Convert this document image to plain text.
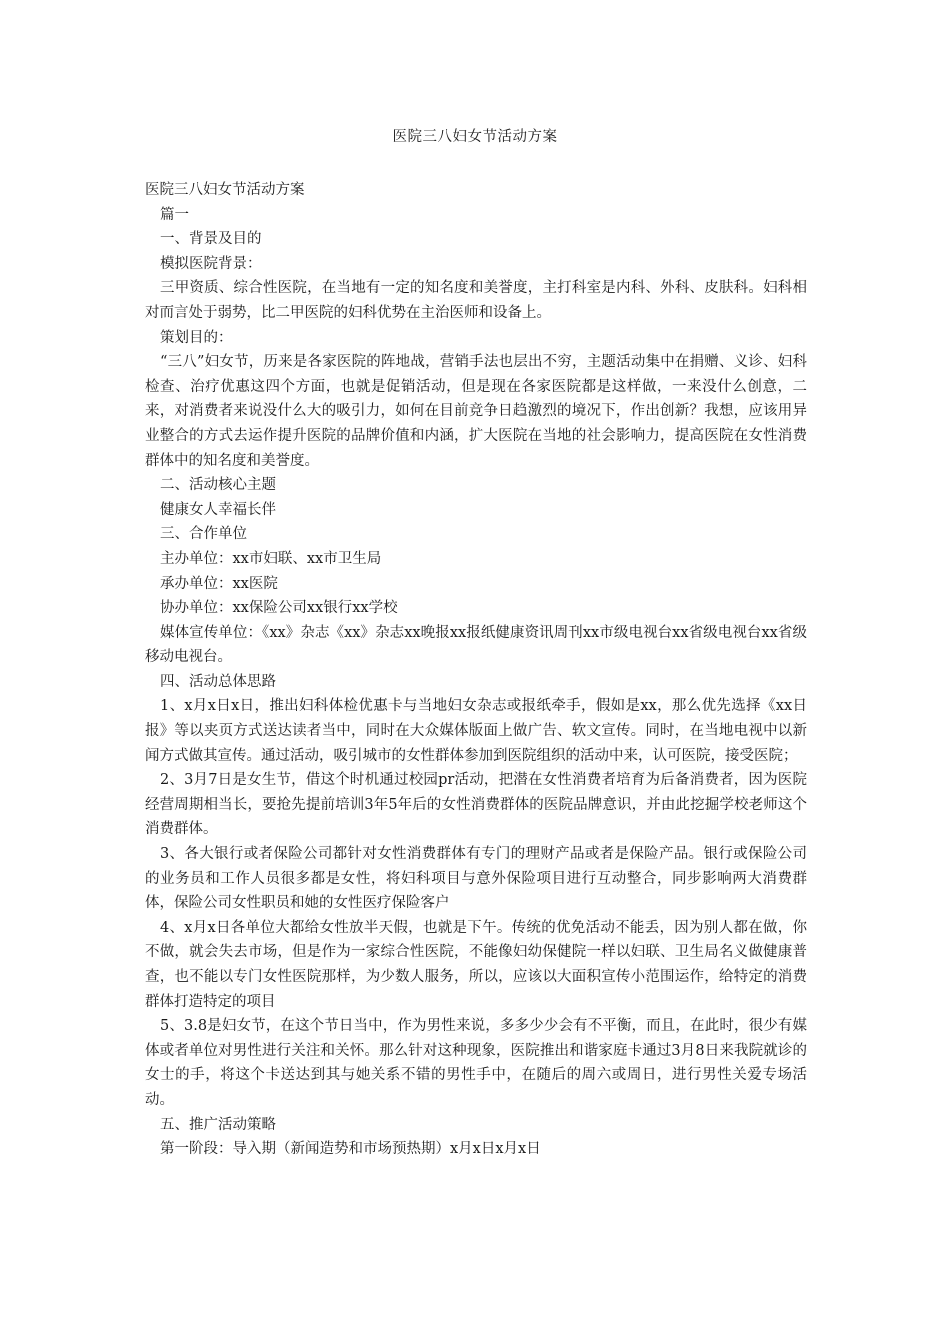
医院三八妇女节活动方案

医院三八妇女节活动方案

篇一

一、背景及目的

模拟医院背景：

三甲资质、综合性医院，在当地有一定的知名度和美誉度，主打科室是内科、外科、皮肤科。妇科相对而言处于弱势，比二甲医院的妇科优势在主治医师和设备上。

策划目的：

“三八”妇女节，历来是各家医院的阵地战，营销手法也层出不穷，主题活动集中在捐赠、义诊、妇科检查、治疗优惠这四个方面，也就是促销活动，但是现在各家医院都是这样做，一来没什么创意，二来，对消费者来说没什么大的吸引力，如何在目前竞争日趋激烈的境况下，作出创新？我想，应该用异业整合的方式去运作提升医院的品牌价值和内涵，扩大医院在当地的社会影响力，提高医院在女性消费群体中的知名度和美誉度。

二、活动核心主题

健康女人幸福长伴

三、合作单位

主办单位：xx市妇联、xx市卫生局

承办单位：xx医院

协办单位：xx保险公司xx银行xx学校

媒体宣传单位：《xx》杂志《xx》杂志xx晚报xx报纸健康资讯周刊xx市级电视台xx省级电视台xx省级移动电视台。

四、活动总体思路

1、x月x日x日，推出妇科体检优惠卡与当地妇女杂志或报纸牵手，假如是xx，那么优先选择《xx日报》等以夹页方式送达读者当中，同时在大众媒体版面上做广告、软文宣传。同时，在当地电视中以新闻方式做其宣传。通过活动，吸引城市的女性群体参加到医院组织的活动中来，认可医院，接受医院；

2、3月7日是女生节，借这个时机通过校园pr活动，把潜在女性消费者培育为后备消费者，因为医院经营周期相当长，要抢先提前培训3年5年后的女性消费群体的医院品牌意识，并由此挖掘学校老师这个消费群体。

3、各大银行或者保险公司都针对女性消费群体有专门的理财产品或者是保险产品。银行或保险公司的业务员和工作人员很多都是女性，将妇科项目与意外保险项目进行互动整合，同步影响两大消费群体，保险公司女性职员和她的女性医疗保险客户

4、x月x日各单位大都给女性放半天假，也就是下午。传统的优免活动不能丢，因为别人都在做，你不做，就会失去市场，但是作为一家综合性医院，不能像妇幼保健院一样以妇联、卫生局名义做健康普查，也不能以专门女性医院那样，为少数人服务，所以，应该以大面积宣传小范围运作，给特定的消费群体打造特定的项目

5、3.8是妇女节，在这个节日当中，作为男性来说，多多少少会有不平衡，而且，在此时，很少有媒体或者单位对男性进行关注和关怀。那么针对这种现象，医院推出和谐家庭卡通过3月8日来我院就诊的女士的手，将这个卡送达到其与她关系不错的男性手中，在随后的周六或周日，进行男性关爱专场活动。

五、推广活动策略

第一阶段：导入期（新闻造势和市场预热期）x月x日x月x日
